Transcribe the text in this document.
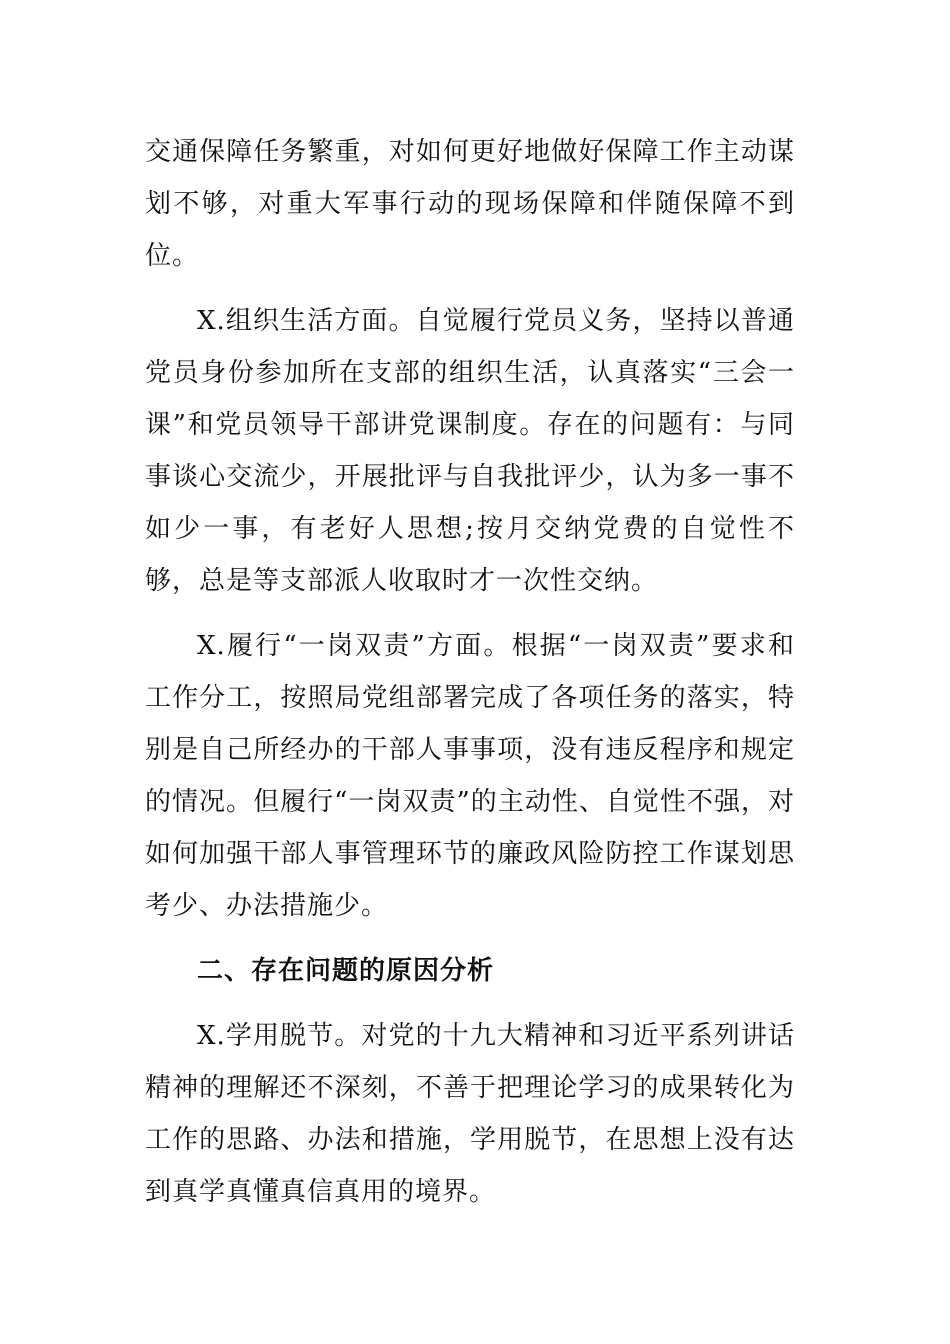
交通保障任务繁重，对如何更好地做好保障工作主动谋划不够，对重大军事行动的现场保障和伴随保障不到位。

X.组织生活方面。自觉履行党员义务，坚持以普通党员身份参加所在支部的组织生活，认真落实“三会一课”和党员领导干部讲党课制度。存在的问题有：与同事谈心交流少，开展批评与自我批评少，认为多一事不如少一事，有老好人思想;按月交纳党费的自觉性不够，总是等支部派人收取时才一次性交纳。

X.履行“一岗双责”方面。根据“一岗双责”要求和工作分工，按照局党组部署完成了各项任务的落实，特别是自己所经办的干部人事事项，没有违反程序和规定的情况。但履行“一岗双责”的主动性、自觉性不强，对如何加强干部人事管理环节的廉政风险防控工作谋划思考少、办法措施少。

二、存在问题的原因分析

X.学用脱节。对党的十九大精神和习近平系列讲话精神的理解还不深刻，不善于把理论学习的成果转化为工作的思路、办法和措施，学用脱节，在思想上没有达到真学真懂真信真用的境界。
